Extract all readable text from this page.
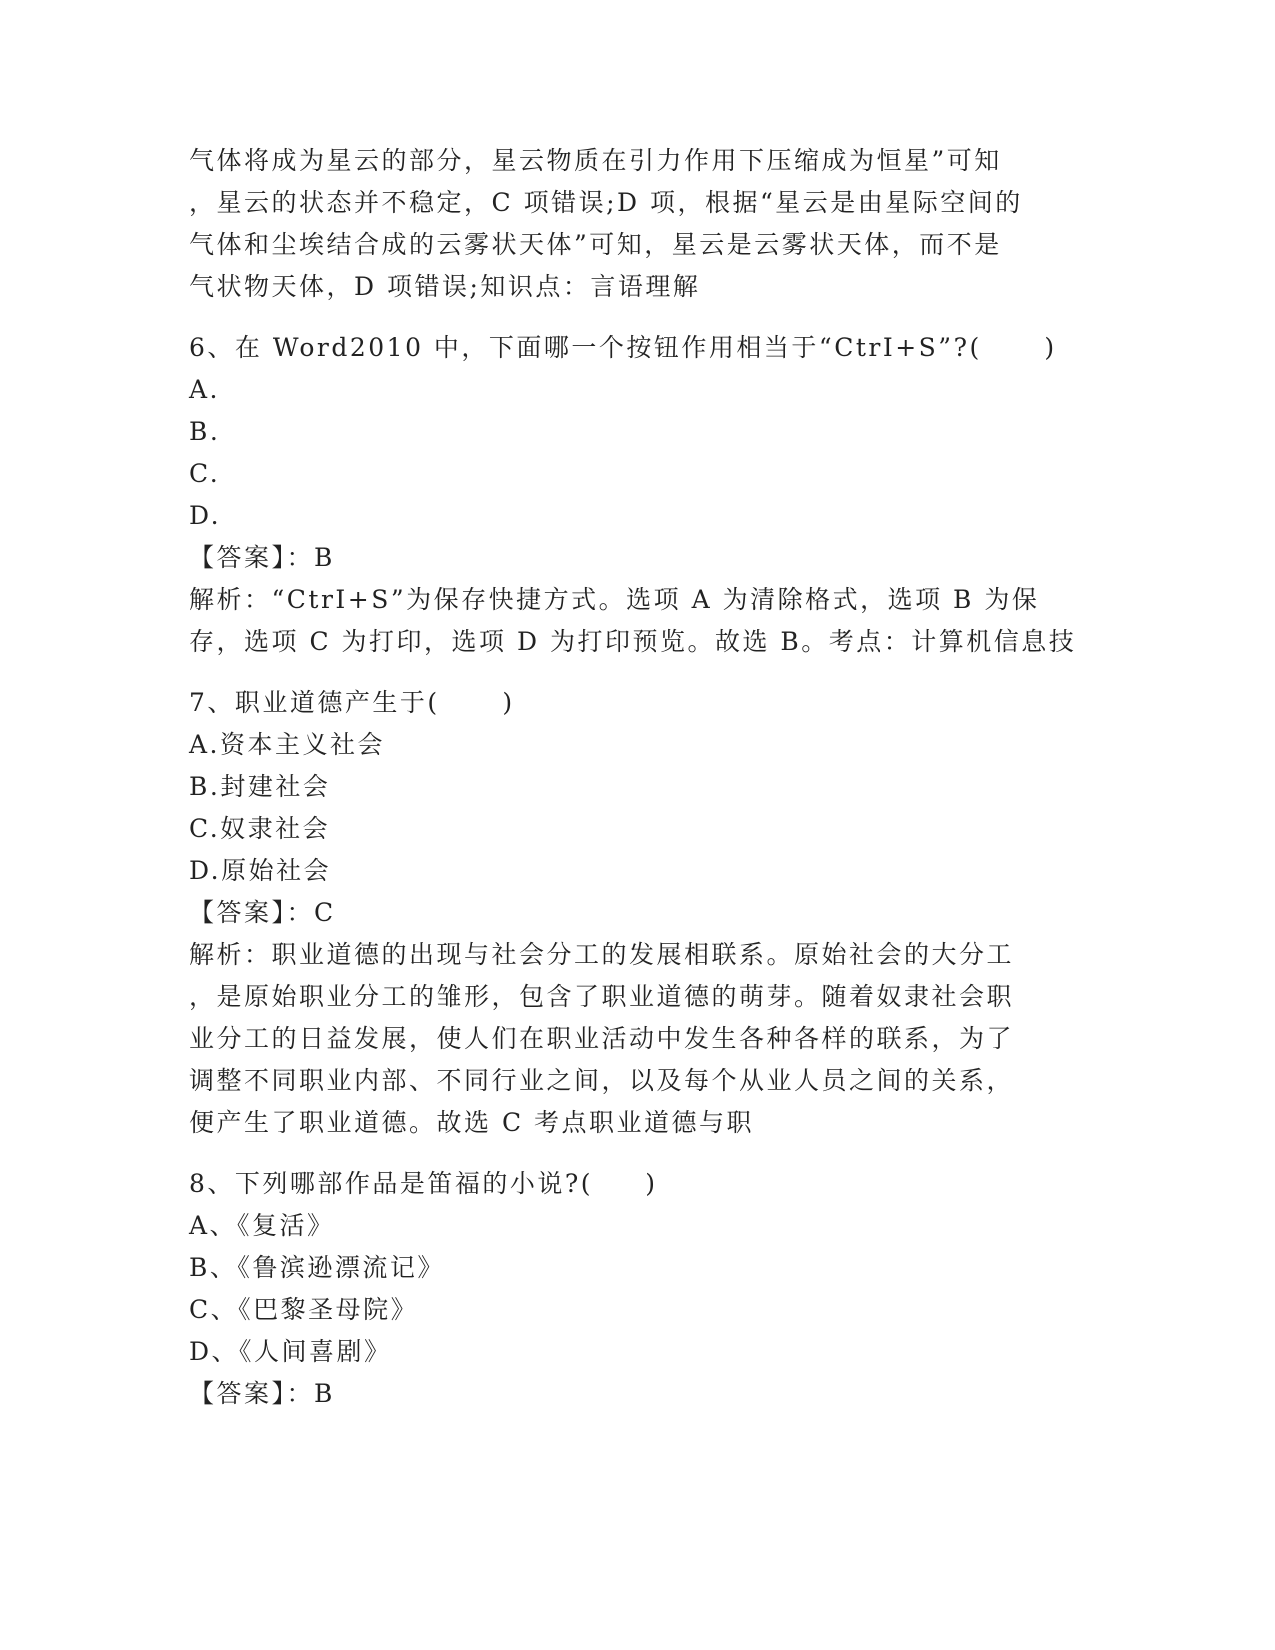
气体将成为星云的部分，星云物质在引力作用下压缩成为恒星”可知
，星云的状态并不稳定，C 项错误;D 项，根据“星云是由星际空间的
气体和尘埃结合成的云雾状天体”可知，星云是云雾状天体，而不是
气状物天体，D 项错误;知识点：言语理解
6、在 Word2010 中，下面哪一个按钮作用相当于“CtrI+S”?(      )
A.
B.
C.
D.
【答案】：B
解析：“CtrI+S”为保存快捷方式。选项 A 为清除格式，选项 B 为保
存，选项 C 为打印，选项 D 为打印预览。故选 B。考点：计算机信息技
7、职业道德产生于(      )
A.资本主义社会
B.封建社会
C.奴隶社会
D.原始社会
【答案】：C
解析：职业道德的出现与社会分工的发展相联系。原始社会的大分工
，是原始职业分工的雏形，包含了职业道德的萌芽。随着奴隶社会职
业分工的日益发展，使人们在职业活动中发生各种各样的联系，为了
调整不同职业内部、不同行业之间，以及每个从业人员之间的关系，
便产生了职业道德。故选 C 考点职业道德与职
8、下列哪部作品是笛福的小说?(     )
A、《复活》
B、《鲁滨逊漂流记》
C、《巴黎圣母院》
D、《人间喜剧》
【答案】：B
